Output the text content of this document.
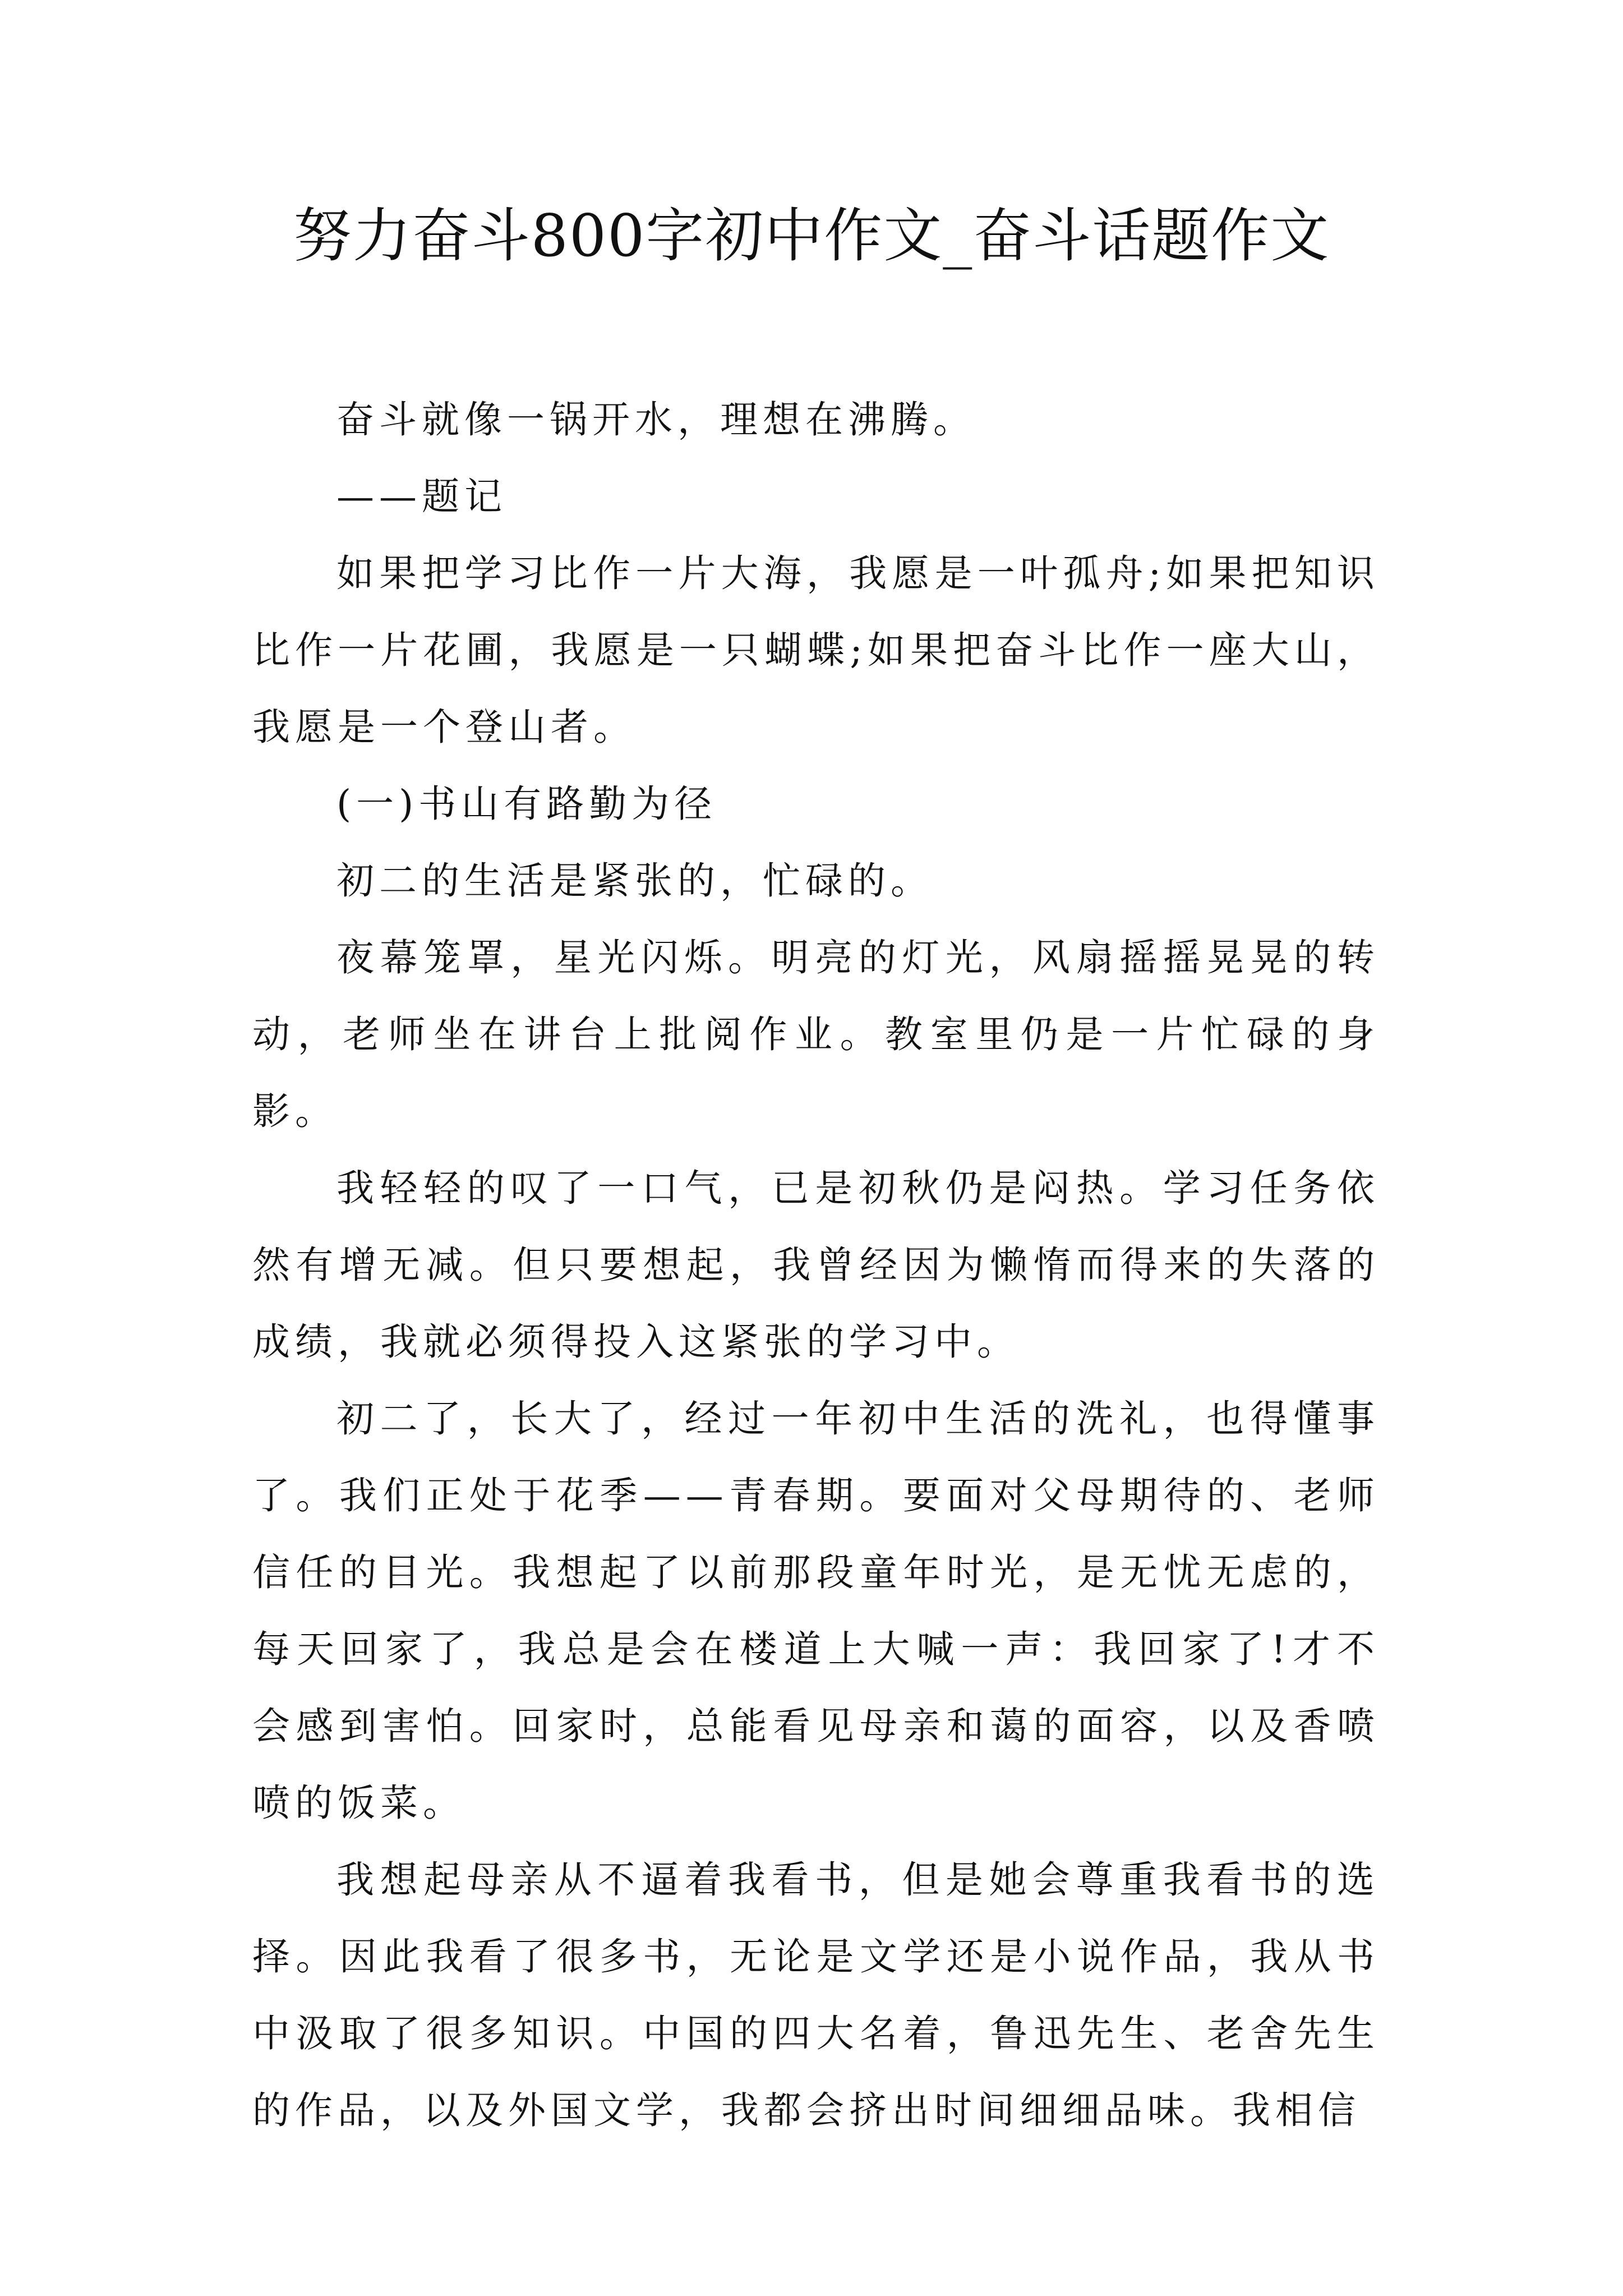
努力奋斗800字初中作文_奋斗话题作文

奋斗就像一锅开水，理想在沸腾。

——题记

如果把学习比作一片大海，我愿是一叶孤舟;如果把知识比作一片花圃，我愿是一只蝴蝶;如果把奋斗比作一座大山，我愿是一个登山者。

(一)书山有路勤为径

初二的生活是紧张的，忙碌的。

夜幕笼罩，星光闪烁。明亮的灯光，风扇摇摇晃晃的转动，老师坐在讲台上批阅作业。教室里仍是一片忙碌的身影。

我轻轻的叹了一口气，已是初秋仍是闷热。学习任务依然有增无减。但只要想起，我曾经因为懒惰而得来的失落的成绩，我就必须得投入这紧张的学习中。

初二了，长大了，经过一年初中生活的洗礼，也得懂事了。我们正处于花季——青春期。要面对父母期待的、老师信任的目光。我想起了以前那段童年时光，是无忧无虑的，每天回家了，我总是会在楼道上大喊一声：我回家了!才不会感到害怕。回家时，总能看见母亲和蔼的面容，以及香喷喷的饭菜。

我想起母亲从不逼着我看书，但是她会尊重我看书的选择。因此我看了很多书，无论是文学还是小说作品，我从书中汲取了很多知识。中国的四大名着，鲁迅先生、老舍先生的作品，以及外国文学，我都会挤出时间细细品味。我相信
